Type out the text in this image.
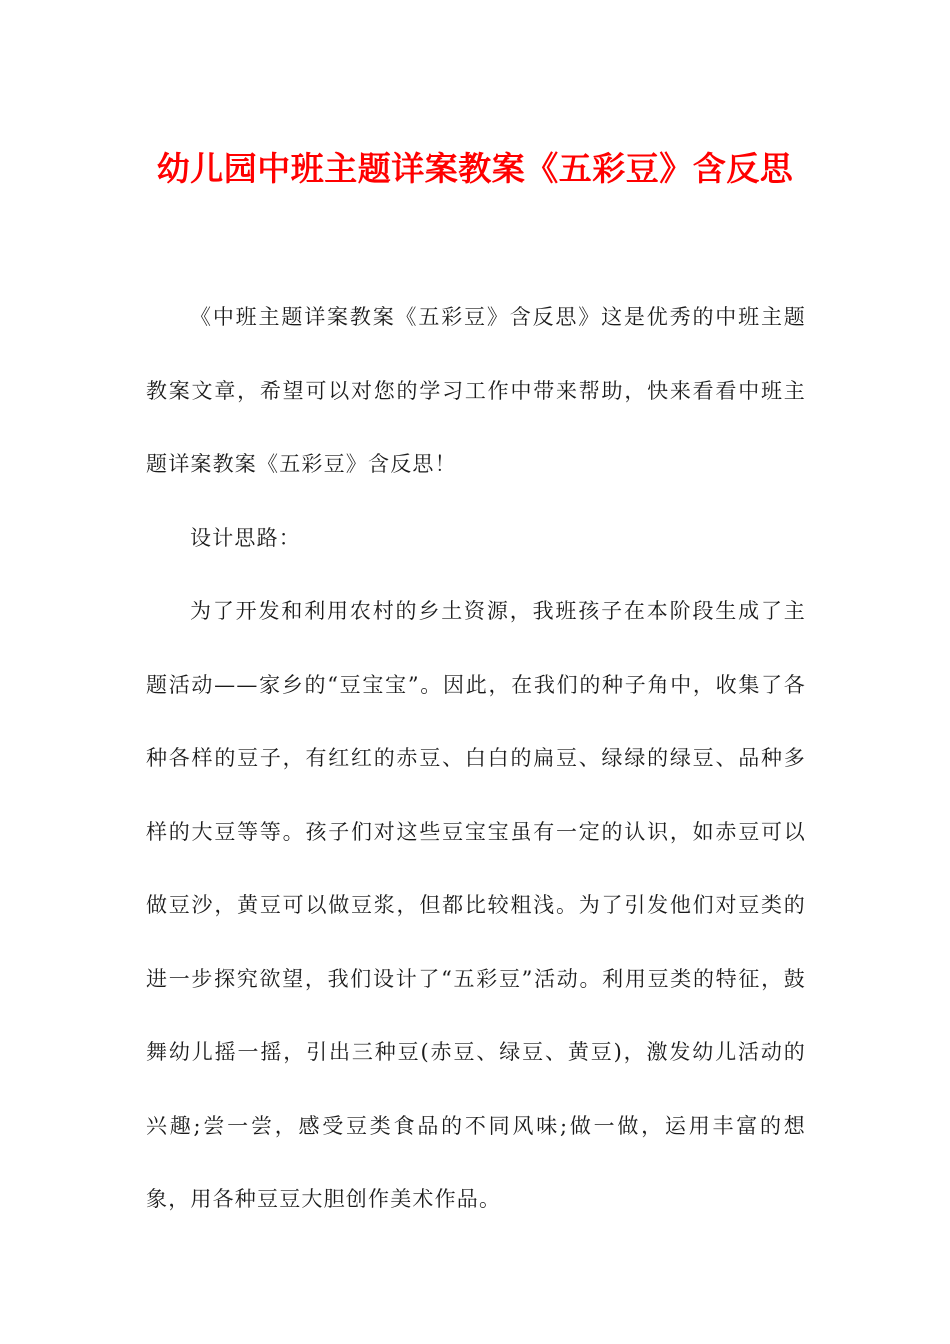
幼儿园中班主题详案教案《五彩豆》含反思

《中班主题详案教案《五彩豆》含反思》这是优秀的中班主题教案文章，希望可以对您的学习工作中带来帮助，快来看看中班主题详案教案《五彩豆》含反思！

设计思路：

为了开发和利用农村的乡土资源，我班孩子在本阶段生成了主题活动——家乡的“豆宝宝”。因此，在我们的种子角中，收集了各种各样的豆子，有红红的赤豆、白白的扁豆、绿绿的绿豆、品种多样的大豆等等。孩子们对这些豆宝宝虽有一定的认识，如赤豆可以做豆沙，黄豆可以做豆浆，但都比较粗浅。为了引发他们对豆类的进一步探究欲望，我们设计了“五彩豆”活动。利用豆类的特征，鼓舞幼儿摇一摇，引出三种豆(赤豆、绿豆、黄豆)，激发幼儿活动的兴趣;尝一尝，感受豆类食品的不同风味;做一做，运用丰富的想象，用各种豆豆大胆创作美术作品。
